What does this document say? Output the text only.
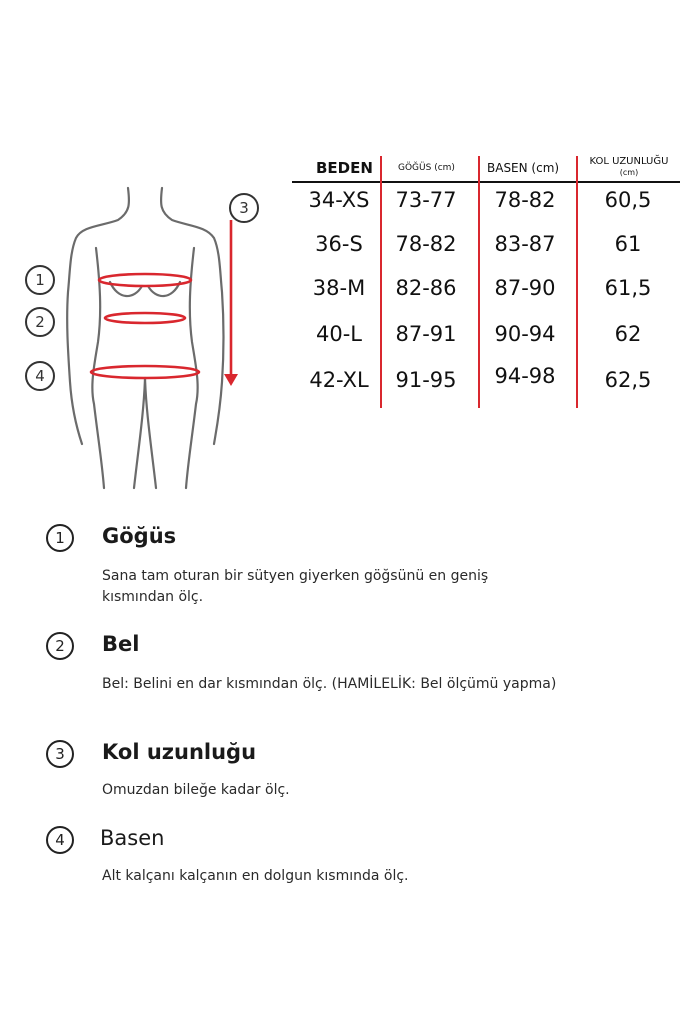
1
2
3
4
BEDEN	GÖĞÜS (cm)	BASEN (cm)	KOL UZUNLUĞU
(cm)
34-XS	73-77	78-82	60,5
36-S	78-82	83-87	61
38-M	82-86	87-90	61,5
40-L	87-91	90-94	62
42-XL	91-95	94-98	62,5
1	Göğüs
Sana tam oturan bir sütyen giyerken göğsünü en geniş kısmından ölç.
2	Bel
Bel: Belini en dar kısmından ölç. (HAMİLELİK: Bel ölçümü yapma)
3	Kol uzunluğu
Omuzdan bileğe kadar ölç.
4	Basen
Alt kalçanı kalçanın en dolgun kısmında ölç.
